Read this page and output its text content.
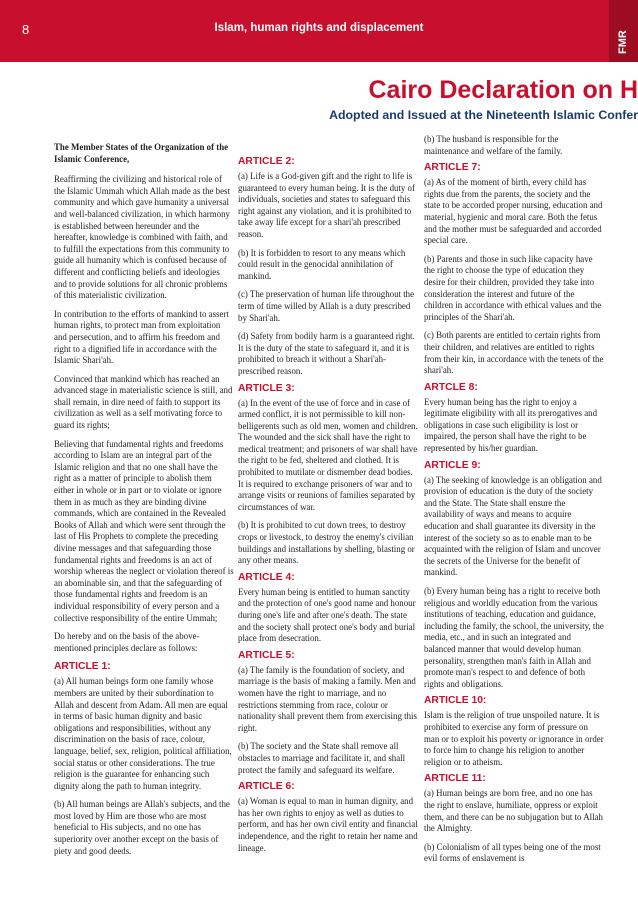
8	Islam, human rights and displacement
FMR
Cairo Declaration on H
Adopted and Issued at the Nineteenth Islamic Confer

The Member States of the Organization of the Islamic Conference,

Reaffirming the civilizing and historical role of the Islamic Ummah which Allah made as the best community and which gave humanity a universal and well-balanced civilization, in which harmony is established between hereunder and the hereafter, knowledge is combined with faith, and to fulfill the expectations from this community to guide all humanity which is confused because of different and conflicting beliefs and ideologies and to provide solutions for all chronic problems of this materialistic civilization.

In contribution to the efforts of mankind to assert human rights, to protect man from exploitation and persecution, and to affirm his freedom and right to a dignified life in accordance with the Islamic Shari'ah.

Convinced that mankind which has reached an advanced stage in materialistic science is still, and shall remain, in dire need of faith to support its civilization as well as a self motivating force to guard its rights;

Believing that fundamental rights and freedoms according to Islam are an integral part of the Islamic religion and that no one shall have the right as a matter of principle to abolish them either in whole or in part or to violate or ignore them in as much as they are binding divine commands, which are contained in the Revealed Books of Allah and which were sent through the last of His Prophets to complete the preceding divine messages and that safeguarding those fundamental rights and freedoms is an act of worship whereas the neglect or violation thereof is an abominable sin, and that the safeguarding of those fundamental rights and freedom is an individual responsibility of every person and a collective responsibility of the entire Ummah;

Do hereby and on the basis of the above-mentioned principles declare as follows:

ARTICLE 1:

(a) All human beings form one family whose members are united by their subordination to Allah and descent from Adam. All men are equal in terms of basic human dignity and basic obligations and responsibilities, without any discrimination on the basis of race, colour, language, belief, sex, religion, political affiliation, social status or other considerations. The true religion is the guarantee for enhancing such dignity along the path to human integrity.

(b) All human beings are Allah's subjects, and the most loved by Him are those who are most beneficial to His subjects, and no one has superiority over another except on the basis of piety and good deeds.

ARTICLE 2:

(a) Life is a God-given gift and the right to life is guaranteed to every human being. It is the duty of individuals, societies and states to safeguard this right against any violation, and it is prohibited to take away life except for a shari'ah prescribed reason.

(b) It is forbidden to resort to any means which could result in the genocidal annihilation of mankind.

(c) The preservation of human life throughout the term of time willed by Allah is a duty prescribed by Shari'ah.

(d) Safety from bodily harm is a guaranteed right. It is the duty of the state to safeguard it, and it is prohibited to breach it without a Shari'ah-prescribed reason.

ARTICLE 3:

(a) In the event of the use of force and in case of armed conflict, it is not permissible to kill non-belligerents such as old men, women and children. The wounded and the sick shall have the right to medical treatment; and prisoners of war shall have the right to be fed, sheltered and clothed. It is prohibited to mutilate or dismember dead bodies. It is required to exchange prisoners of war and to arrange visits or reunions of families separated by circumstances of war.

(b) It is prohibited to cut down trees, to destroy crops or livestock, to destroy the enemy's civilian buildings and installations by shelling, blasting or any other means.

ARTICLE 4:

Every human being is entitled to human sanctity and the protection of one's good name and honour during one's life and after one's death. The state and the society shall protect one's body and burial place from desecration.

ARTICLE 5:

(a) The family is the foundation of society, and marriage is the basis of making a family. Men and women have the right to marriage, and no restrictions stemming from race, colour or nationality shall prevent them from exercising this right.

(b) The society and the State shall remove all obstacles to marriage and facilitate it, and shall protect the family and safeguard its welfare.

ARTICLE 6:

(a) Woman is equal to man in human dignity, and has her own rights to enjoy as well as duties to perform, and has her own civil entity and financial independence, and the right to retain her name and lineage.

(b) The husband is responsible for the maintenance and welfare of the family.

ARTICLE 7:

(a) As of the moment of birth, every child has rights due from the parents, the society and the state to be accorded proper nursing, education and material, hygienic and moral care. Both the fetus and the mother must be safeguarded and accorded special care.

(b) Parents and those in such like capacity have the right to choose the type of education they desire for their children, provided they take into consideration the interest and future of the children in accordance with ethical values and the principles of the Shari'ah.

(c) Both parents are entitled to certain rights from their children, and relatives are entitled to rights from their kin, in accordance with the tenets of the shari'ah.

ARTCLE 8:

Every human being has the right to enjoy a legitimate eligibility with all its prerogatives and obligations in case such eligibility is lost or impaired, the person shall have the right to be represented by his/her guardian.

ARTICLE 9:

(a) The seeking of knowledge is an obligation and provision of education is the duty of the society and the State. The State shall ensure the availability of ways and means to acquire education and shall guarantee its diversity in the interest of the society so as to enable man to be acquainted with the religion of Islam and uncover the secrets of the Universe for the benefit of mankind.

(b) Every human being has a right to receive both religious and worldly education from the various institutions of teaching, education and guidance, including the family, the school, the university, the media, etc., and in such an integrated and balanced manner that would develop human personality, strengthen man's faith in Allah and promote man's respect to and defence of both rights and obligations.

ARTICLE 10:

Islam is the religion of true unspoiled nature. It is prohibited to exercise any form of pressure on man or to exploit his poverty or ignorance in order to force him to change his religion to another religion or to atheism.

ARTICLE 11:

(a) Human beings are born free, and no one has the right to enslave, humiliate, oppress or exploit them, and there can be no subjugation but to Allah the Almighty.

(b) Colonialism of all types being one of the most evil forms of enslavement is
